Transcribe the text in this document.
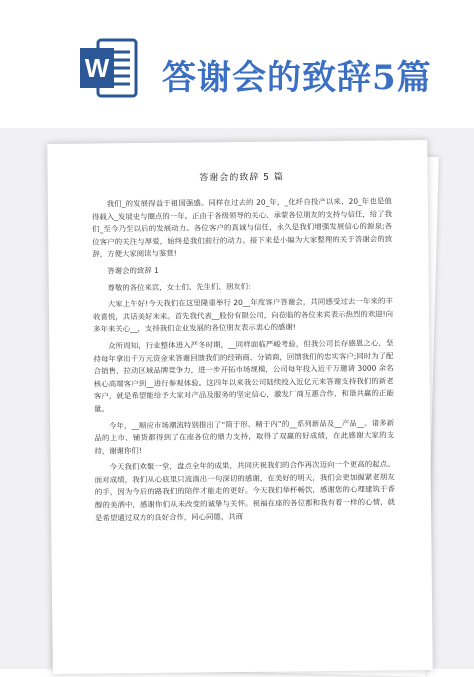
W 答谢会的致辞5篇
答谢会的致辞 5 篇

我们_的发展得益于祖国强盛。同样在过去的 20_年，_化纤自投产以来，20_年也是值得载入_发展史与圈点的一年。正由于各级领导的关心、承蒙各位朋友的支持与信任，给了我们_至今乃至以后的发展动力。各位客户的真诚与信任，永久是我们增强发展信心的源泉;各位客户的关注与厚爱，始终是我们前行的动力。接下来是小编为大家整理的关于答谢会的致辞，方便大家阅读与鉴赏!

答谢会的致辞 1

尊敬的各位来宾，女士们、先生们、朋友们：

大家上午好!今天我们在这里隆重举行 20__年度客户答谢会，共同感受过去一年来的丰收喜悦，共话美好未来。首先我代表__股份有限公司，向莅临的各位来宾表示热烈的欢迎!向多年来关心__，支持我们企业发展的各位朋友表示衷心的感谢!

众所周知，行业整体进入严冬时期，__同样面临严峻考验，但我公司长存感恩之心，坚持每年拿出千万元资金来答谢回馈我们的经销商、分销商，回馈我们的忠实客户;同时为了配合销售，拉动区域品牌竞争力，进一步开拓市场规模，公司每年投入近千万邀请 3000 余名核心高端客户到__进行参观体验。这四年以来我公司陆续投入近亿元来答谢支持我们的新老客户，就是希望能给予大家对产品及服务的坚定信心，激发厂商互惠合作，和谐共赢的正能量。

今年，__顺应市场潮流特别推出了“简于形、精于内”的__系列新品及__产品__。诸多新品的上市、铺货都得到了在座各位的鼎力支持，取得了双赢的好成绩，在此感谢大家的支持，谢谢你们!

今天我们欢聚一堂，盘点全年的成果，共同庆祝我们的合作再次迈向一个更高的起点。面对成绩，我们从心底里只流淌出一句深切的感谢，在美好的明天，我们会更加握紧老朋友的手，因为今后的路我们的陪伴才能走的更好。今天我们举杯畅饮，感谢您的心理建筑于香醇的美酒中，感谢你们从未改变的诚挚与关怀。祝福在座的各位都和我有着一样的心情，就是希望通过双方的良好合作，同心同德，共商
